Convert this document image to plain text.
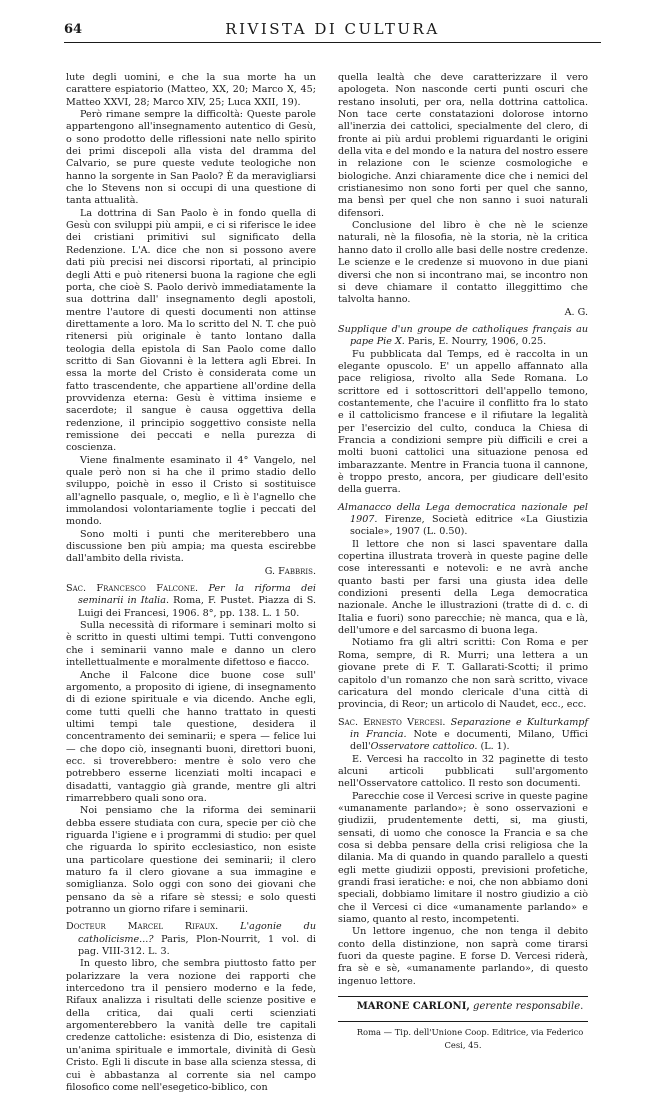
64	RIVISTA DI CULTURA

lute degli uomini, e che la sua morte ha un carattere espiatorio (Matteo, XX, 20; Marco X, 45; Matteo XXVI, 28; Marco XIV, 25; Luca XXII, 19).

Però rimane sempre la difficoltà: Queste parole appartengono all'insegnamento autentico di Gesù, o sono prodotto delle riflessioni nate nello spirito dei primi discepoli alla vista del dramma del Calvario, se pure queste vedute teologiche non hanno la sorgente in San Paolo? È da meravigliarsi che lo Stevens non si occupi di una questione di tanta attualità.

La dottrina di San Paolo è in fondo quella di Gesù con sviluppi più ampii, e ci si riferisce le idee dei cristiani primitivi sul significato della Redenzione. L'A. dice che non si possono avere dati più precisi nei discorsi riportati, al principio degli Atti e può ritenersi buona la ragione che egli porta, che cioè S. Paolo derivò immediatamente la sua dottrina dall' insegnamento degli apostoli, mentre l'autore di questi documenti non attinse direttamente a loro. Ma lo scritto del N. T. che può ritenersi più originale è tanto lontano dalla teologia della epistola di San Paolo come dallo scritto di San Giovanni è la lettera agli Ebrei. In essa la morte del Cristo è considerata come un fatto trascendente, che appartiene all'ordine della provvidenza eterna: Gesù è vittima insieme e sacerdote; il sangue è causa oggettiva della redenzione, il principio soggettivo consiste nella remissione dei peccati e nella purezza di coscienza.

Viene finalmente esaminato il 4° Vangelo, nel quale però non si ha che il primo stadio dello sviluppo, poichè in esso il Cristo si sostituisce all'agnello pasquale, o, meglio, e lì è l'agnello che immolandosi volontariamente toglie i peccati del mondo.

Sono molti i punti che meriterebbero una discussione ben più ampia; ma questa escirebbe dall'ambito della rivista.

G. Fabbris.

Sac. Francesco Falcone. Per la riforma dei seminarii in Italia. Roma, F. Pustet. Piazza di S. Luigi dei Francesi, 1906. 8°, pp. 138. L. 1 50.

Sulla necessità di riformare i seminari molto si è scritto in questi ultimi tempi. Tutti convengono che i seminarii vanno male e danno un clero intellettualmente e moralmente difettoso e fiacco.

Anche il Falcone dice buone cose sull' argomento, a proposito di igiene, di insegnamento di di ezione spirituale e via dicendo. Anche egli, come tutti quelli che hanno trattato in questi ultimi tempi tale questione, desidera il concentramento dei seminarii; e spera — felice lui — che dopo ciò, insegnanti buoni, direttori buoni, ecc. si troverebbero: mentre è solo vero che potrebbero esserne licenziati molti incapaci e disadatti, vantaggio già grande, mentre gli altri rimarrebbero quali sono ora.

Noi pensiamo che la riforma dei seminarii debba essere studiata con cura, specie per ciò che riguarda l'igiene e i programmi di studio: per quel che riguarda lo spirito ecclesiastico, non esiste una particolare questione dei seminarii; il clero maturo fa il clero giovane a sua immagine e somiglianza. Solo oggi con sono dei giovani che pensano da sè a rifare sè stessi; e solo questi potranno un giorno rifare i seminarii.

Docteur Marcel Rifaux. L'agonie du catholicisme...? Paris, Plon-Nourrit, 1 vol. di pag. VIII-312. L. 3.

In questo libro, che sembra piuttosto fatto per polarizzare la vera nozione dei rapporti che intercedono tra il pensiero moderno e la fede, Rifaux analizza i risultati delle scienze positive e della critica, dai quali certi scienziati argomenterebbero la vanità delle tre capitali credenze cattoliche: esistenza di Dio, esistenza di un'anima spirituale e immortale, divinità di Gesù Cristo. Egli li discute in base alla scienza stessa, di cui è abbastanza al corrente sia nel campo filosofico come nell'esegetico-biblico, con

quella lealtà che deve caratterizzare il vero apologeta. Non nasconde certi punti oscuri che restano insoluti, per ora, nella dottrina cattolica. Non tace certe constatazioni dolorose intorno all'inerzia dei cattolici, specialmente del clero, di fronte ai più ardui problemi riguardanti le origini della vita e del mondo e la natura del nostro essere in relazione con le scienze cosmologiche e biologiche. Anzi chiaramente dice che i nemici del cristianesimo non sono forti per quel che sanno, ma bensì per quel che non sanno i suoi naturali difensori.

Conclusione del libro è che nè le scienze naturali, nè la filosofia, nè la storia, nè la critica hanno dato il crollo alle basi delle nostre credenze. Le scienze e le credenze si muovono in due piani diversi che non si incontrano mai, se incontro non si deve chiamare il contatto illeggittimo che talvolta hanno.

A. G.

Supplique d'un groupe de catholiques français au pape Pie X. Paris, E. Nourry, 1906, 0.25.

Fu pubblicata dal Temps, ed è raccolta in un elegante opuscolo. E' un appello affannato alla pace religiosa, rivolto alla Sede Romana. Lo scrittore ed i sottoscrittori dell'appello temono, costantemente, che l'acuire il conflitto fra lo stato e il cattolicismo francese e il rifiutare la legalità per l'esercizio del culto, conduca la Chiesa di Francia a condizioni sempre più difficili e crei a molti buoni cattolici una situazione penosa ed imbarazzante. Mentre in Francia tuona il cannone, è troppo presto, ancora, per giudicare dell'esito della guerra.

Almanacco della Lega democratica nazionale pel 1907. Firenze, Società editrice «La Giustizia sociale», 1907 (L. 0.50).

Il lettore che non si lasci spaventare dalla copertina illustrata troverà in queste pagine delle cose interessanti e notevoli: e ne avrà anche quanto basti per farsi una giusta idea delle condizioni presenti della Lega democratica nazionale. Anche le illustrazioni (tratte di d. c. di Italia e fuori) sono parecchie; nè manca, qua e là, dell'umore e del sarcasmo di buona lega.

Notiamo fra gli altri scritti: Con Roma e per Roma, sempre, di R. Murri; una lettera a un giovane prete di F. T. Gallarati-Scotti; il primo capitolo d'un romanzo che non sarà scritto, vivace caricatura del mondo clericale d'una città di provincia, di Reor; un articolo di Naudet, ecc., ecc.

Sac. Ernesto Vercesi. Separazione e Kulturkampf in Francia. Note e documenti, Milano, Uffici dell'Osservatore cattolico. (L. 1).

E. Vercesi ha raccolto in 32 paginette di testo alcuni articoli pubblicati sull'argomento nell'Osservatore cattolico. Il resto son documenti.

Parecchie cose il Vercesi scrive in queste pagine «umanamente parlando»; è sono osservazioni e giudizii, prudentemente detti, si, ma giusti, sensati, di uomo che conosce la Francia e sa che cosa si debba pensare della crisi religiosa che la dilania. Ma di quando in quando parallelo a questi egli mette giudizii opposti, previsioni profetiche, grandi frasi ieratiche: e noi, che non abbiamo doni speciali, dobbiamo limitare il nostro giudizio a ciò che il Vercesi ci dice «umanamente parlando» e siamo, quanto al resto, incompetenti.

Un lettore ingenuo, che non tenga il debito conto della distinzione, non saprà come tirarsi fuori da queste pagine. E forse D. Vercesi riderà, fra sè e sè, «umanamente parlando», di questo ingenuo lettore.

MARONE CARLONI, gerente responsabile.

Roma — Tip. dell'Unione Coop. Editrice, via Federico Cesi, 45.
